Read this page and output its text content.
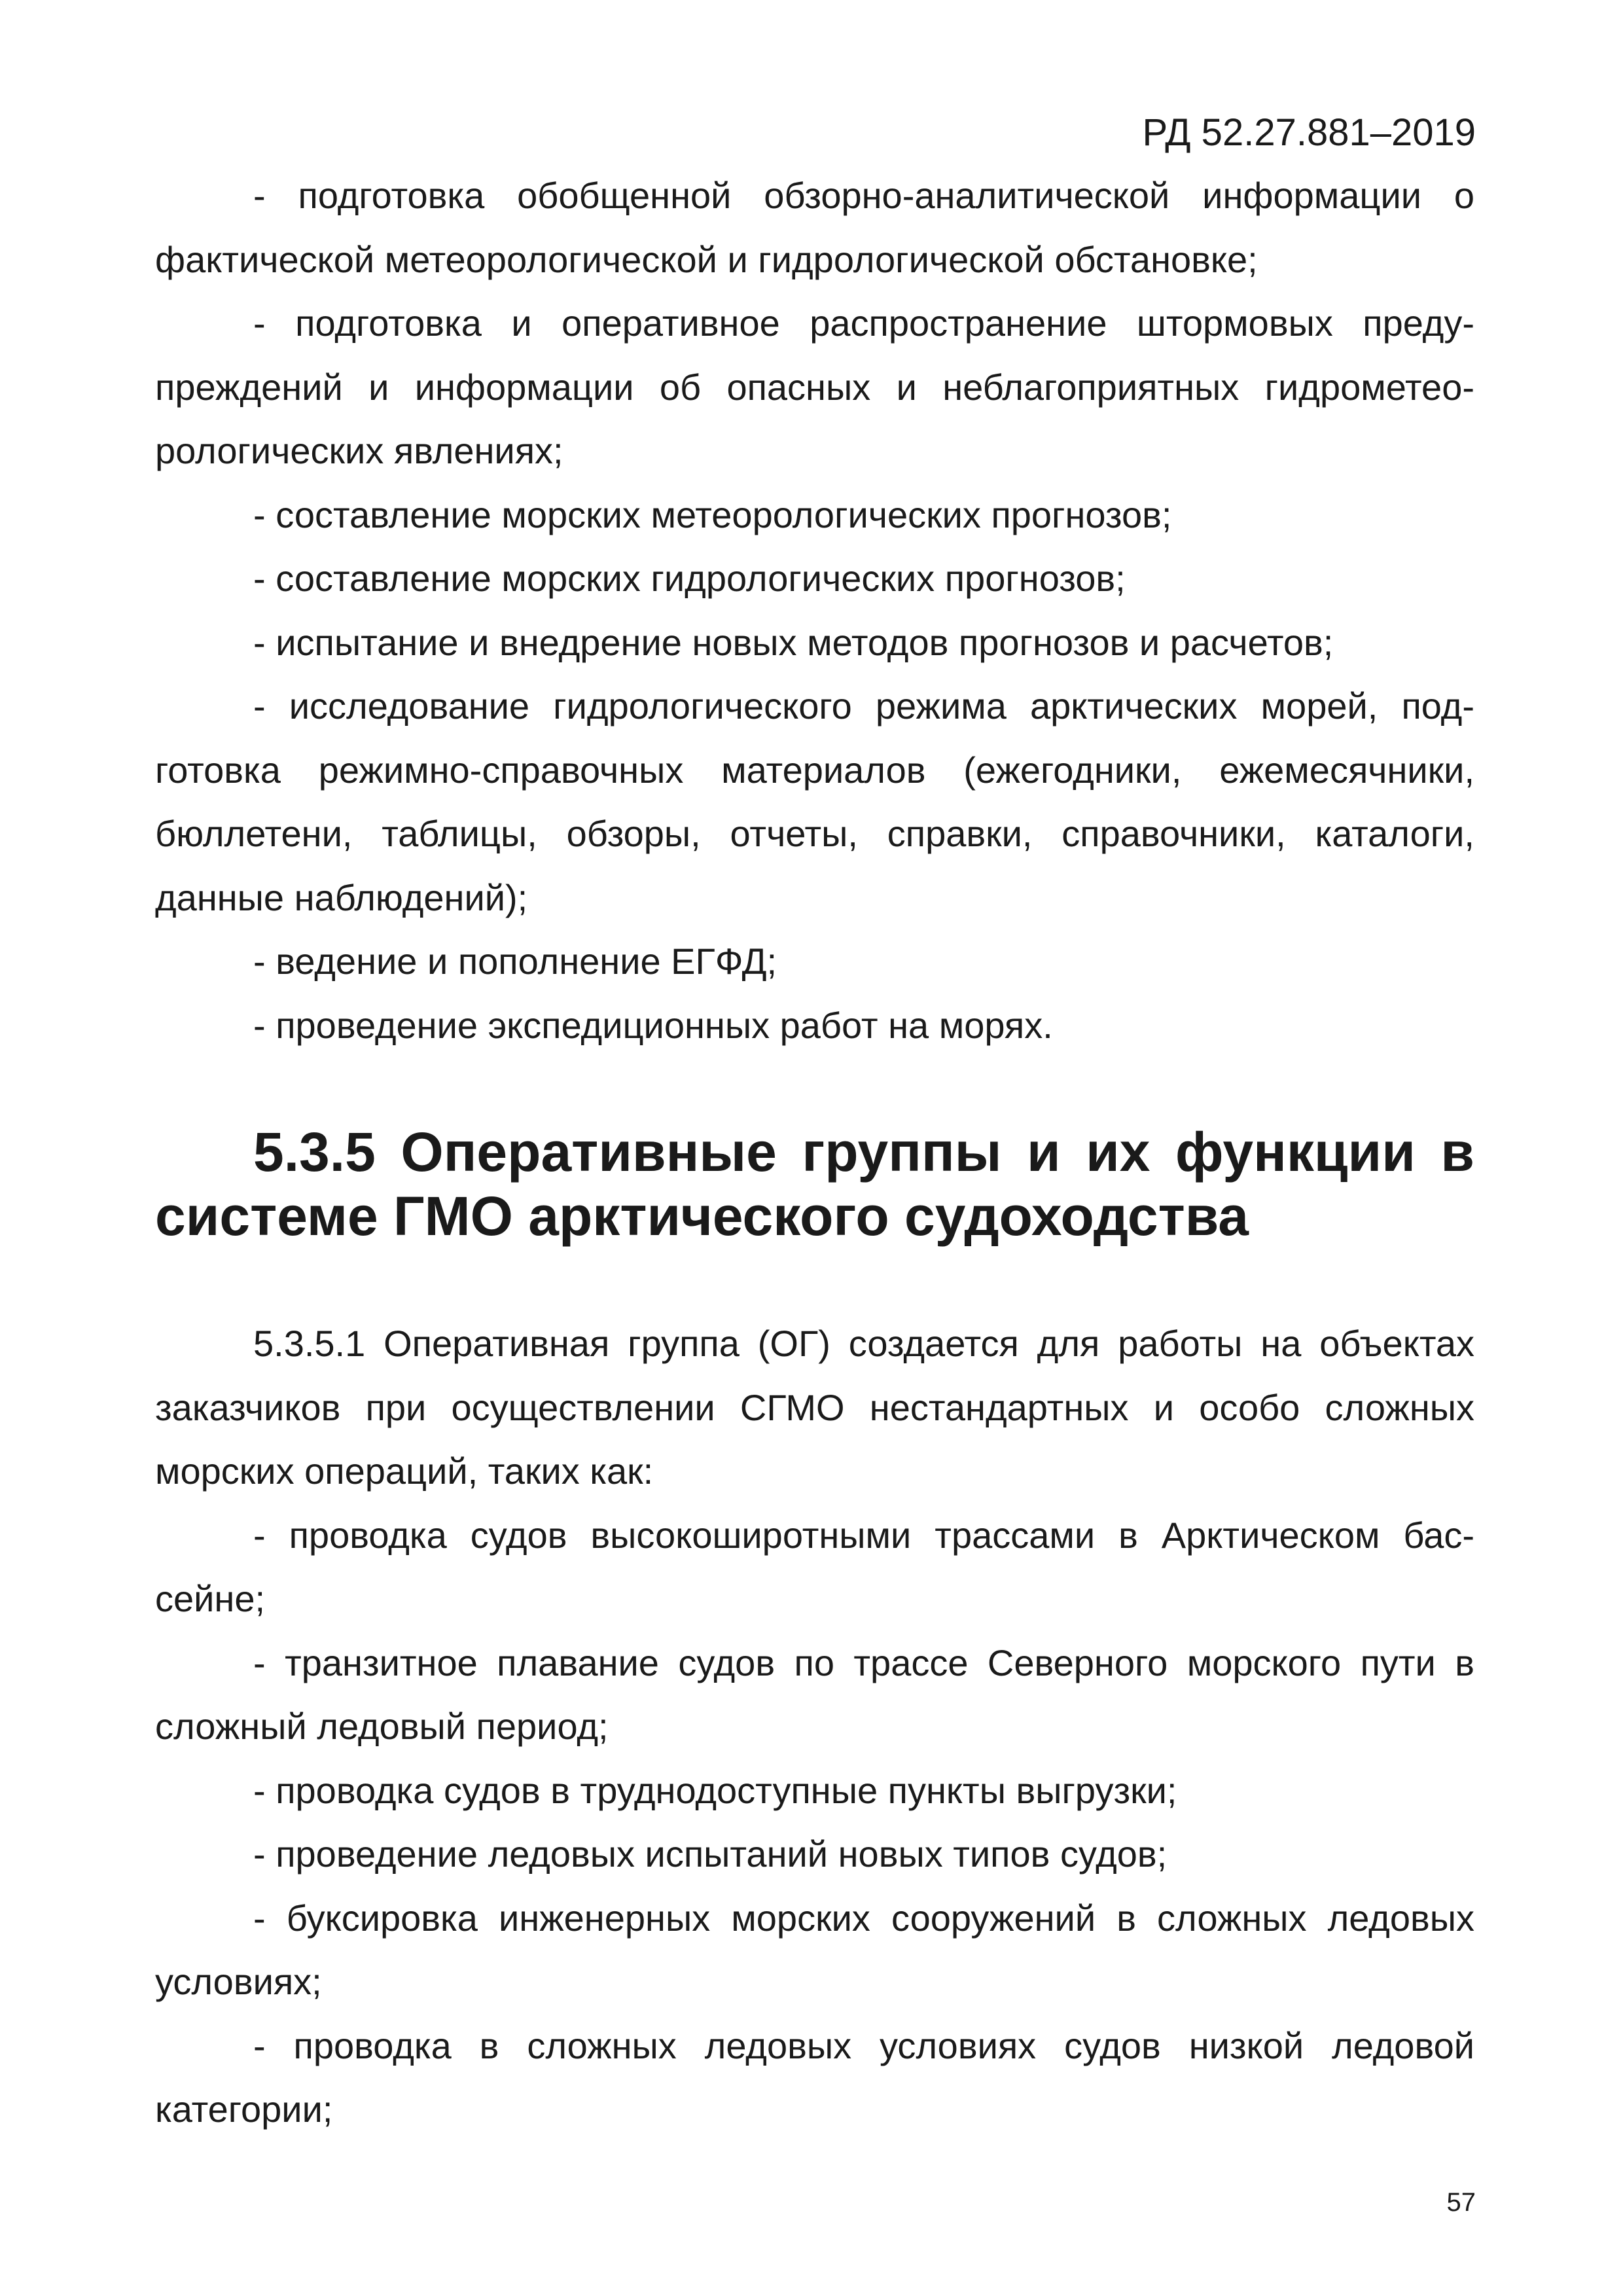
РД 52.27.881–2019

- подготовка обобщенной обзорно-аналитической информации о фактической метеорологической и гидрологической обстановке;

- подготовка и оперативное распространение штормовых преду-преждений и информации об опасных и неблагоприятных гидрометео-рологических явлениях;

- составление морских метеорологических прогнозов;

- составление морских гидрологических прогнозов;

- испытание и внедрение новых методов прогнозов и расчетов;

- исследование гидрологического режима арктических морей, под-готовка режимно-справочных материалов (ежегодники, ежемесячники, бюллетени, таблицы, обзоры, отчеты, справки, справочники, каталоги, данные наблюдений);

- ведение и пополнение ЕГФД;

- проведение экспедиционных работ на морях.

5.3.5 Оперативные группы и их функции в системе ГМО арктического судоходства

5.3.5.1 Оперативная группа (ОГ) создается для работы на объектах заказчиков при осуществлении СГМО нестандартных и особо сложных морских операций, таких как:

- проводка судов высокоширотными трассами в Арктическом бас-сейне;

- транзитное плавание судов по трассе Северного морского пути в сложный ледовый период;

- проводка судов в труднодоступные пункты выгрузки;

- проведение ледовых испытаний новых типов судов;

- буксировка инженерных морских сооружений в сложных ледовых условиях;

- проводка в сложных ледовых условиях судов низкой ледовой категории;

57
